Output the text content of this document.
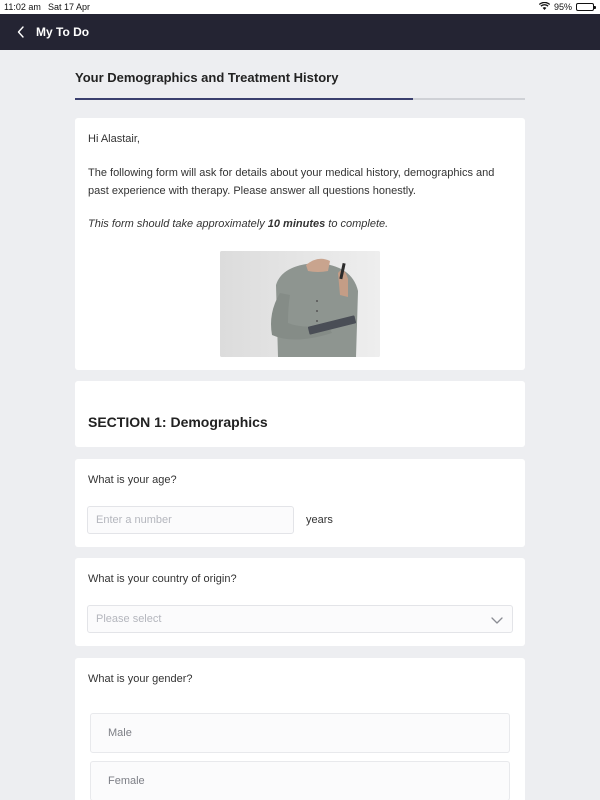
11:02 am Sat 17 Apr	95%
My To Do
Your Demographics and Treatment History

Hi Alastair,

The following form will ask for details about your medical history, demographics and past experience with therapy. Please answer all questions honestly.

This form should take approximately 10 minutes to complete.

SECTION 1: Demographics
What is your age?
Enter a number	years
What is your country of origin?
Please select
What is your gender?
Male
Female
